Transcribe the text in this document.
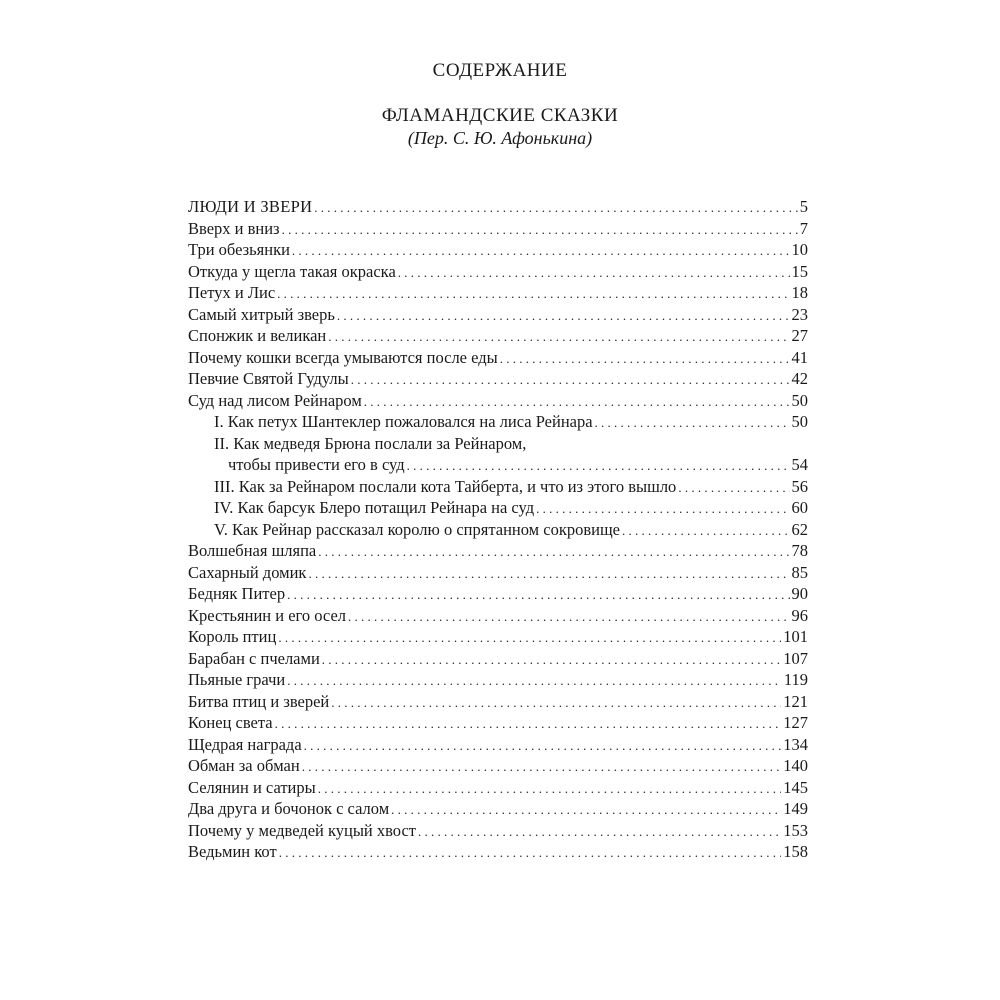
СОДЕРЖАНИЕ
ФЛАМАНДСКИЕ СКАЗКИ
(Пер. С. Ю. Афонькина)
ЛЮДИ И ЗВЕРИ . . .	5
Вверх и вниз . . .	7
Три обезьянки . . .	10
Откуда у щегла такая окраска . . .	15
Петух и Лис . . .	18
Самый хитрый зверь . . .	23
Спонжик и великан . . .	27
Почему кошки всегда умываются после еды . . .	41
Певчие Святой Гудулы . . .	42
Суд над лисом Рейнаром . . .	50
I. Как петух Шантеклер пожаловался на лиса Рейнара . . .	50
II. Как медведя Брюна послали за Рейнаром,
чтобы привести его в суд . . .	54
III. Как за Рейнаром послали кота Тайберта, и что из этого вышло . . .	56
IV. Как барсук Блеро потащил Рейнара на суд . . .	60
V. Как Рейнар рассказал королю о спрятанном сокровище . . .	62
Волшебная шляпа . . .	78
Сахарный домик . . .	85
Бедняк Питер . . .	90
Крестьянин и его осел . . .	96
Король птиц . . .	101
Барабан с пчелами . . .	107
Пьяные грачи . . .	119
Битва птиц и зверей . . .	121
Конец света . . .	127
Щедрая награда . . .	134
Обман за обман . . .	140
Селянин и сатиры . . .	145
Два друга и бочонок с салом . . .	149
Почему у медведей куцый хвост . . .	153
Ведьмин кот . . .	158
